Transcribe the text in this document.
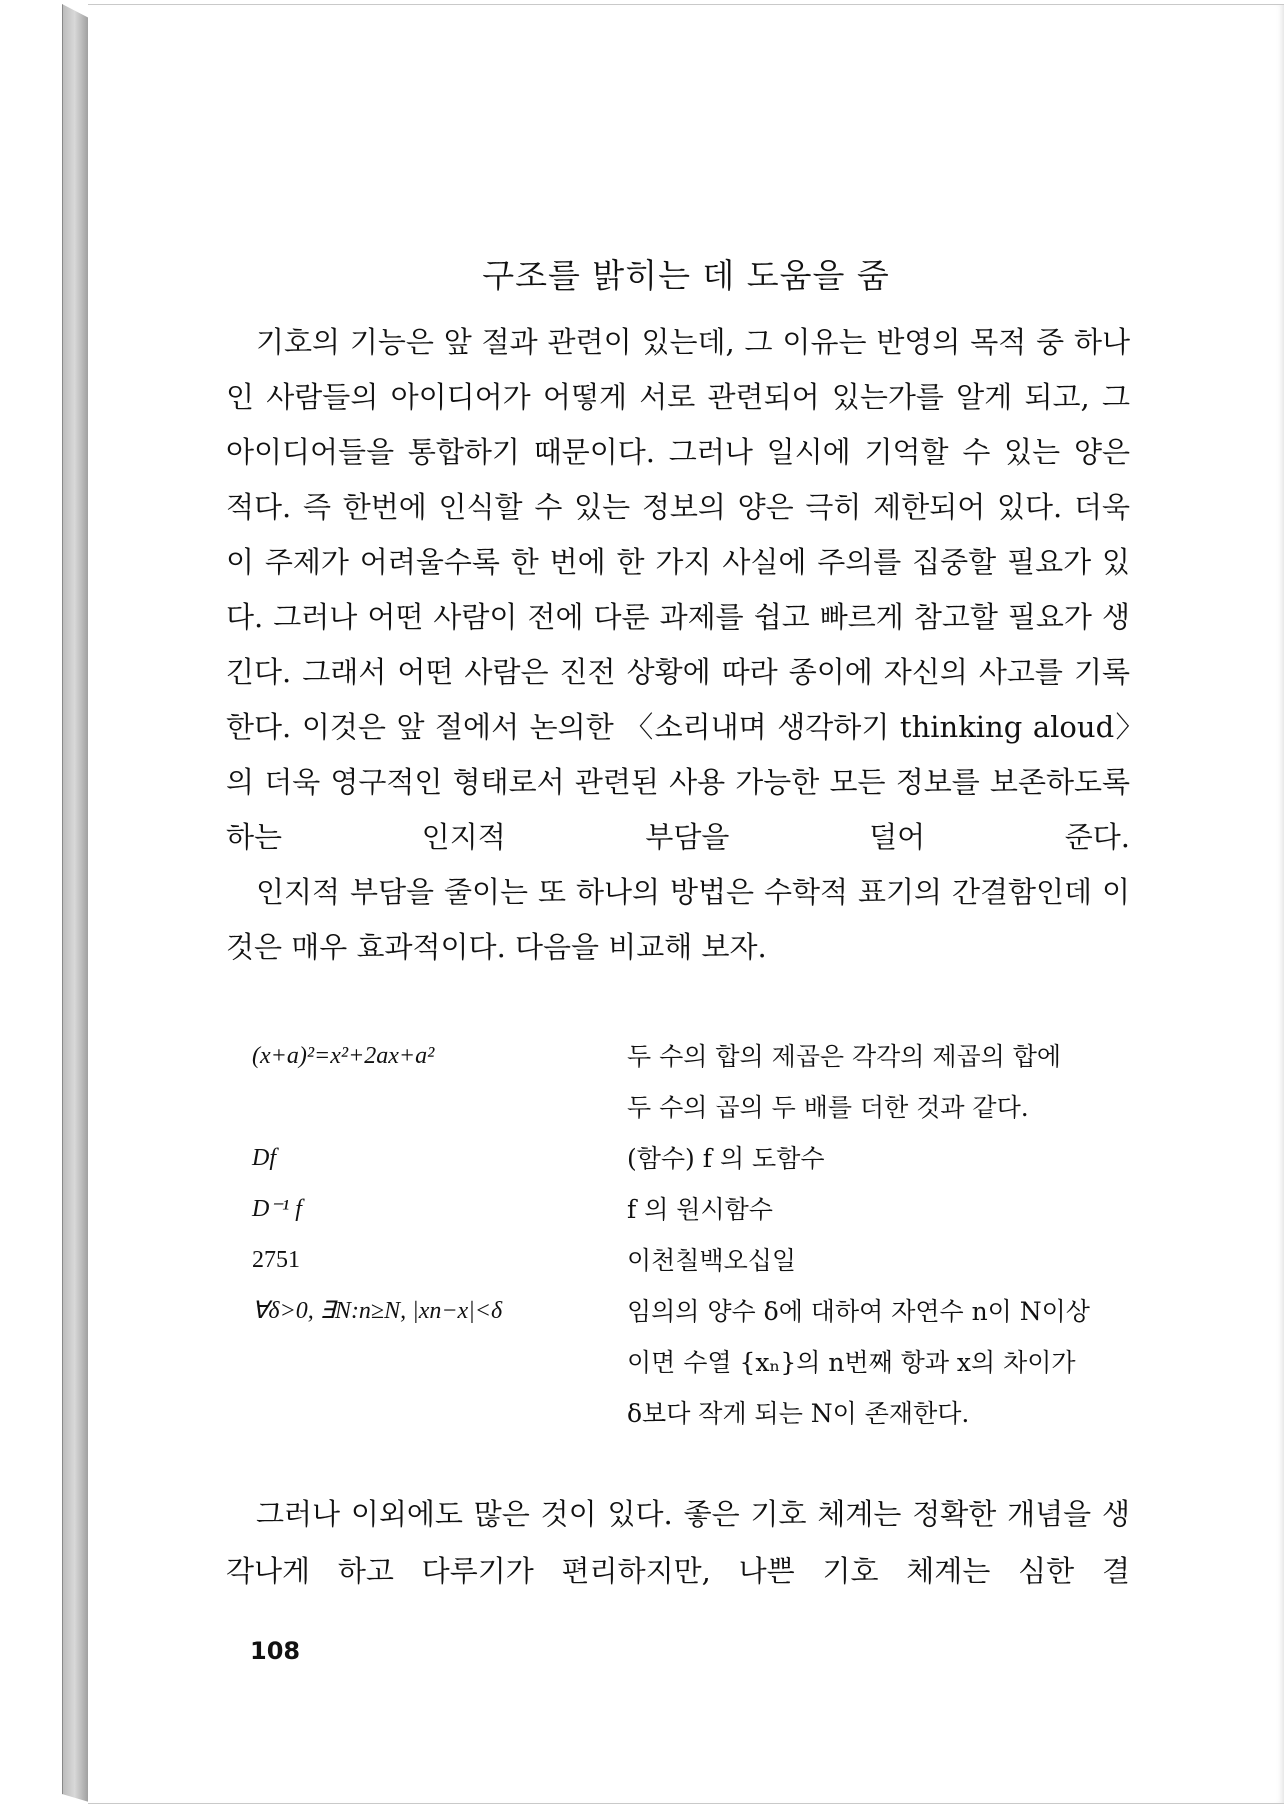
구조를 밝히는 데 도움을 줌

기호의 기능은 앞 절과 관련이 있는데, 그 이유는 반영의 목적 중 하나인 사람들의 아이디어가 어떻게 서로 관련되어 있는가를 알게 되고, 그 아이디어들을 통합하기 때문이다. 그러나 일시에 기억할 수 있는 양은 적다. 즉 한번에 인식할 수 있는 정보의 양은 극히 제한되어 있다. 더욱이 주제가 어려울수록 한 번에 한 가지 사실에 주의를 집중할 필요가 있다. 그러나 어떤 사람이 전에 다룬 과제를 쉽고 빠르게 참고할 필요가 생긴다. 그래서 어떤 사람은 진전 상황에 따라 종이에 자신의 사고를 기록한다. 이것은 앞 절에서 논의한 〈소리내며 생각하기 thinking aloud〉의 더욱 영구적인 형태로서 관련된 사용 가능한 모든 정보를 보존하도록 하는 인지적 부담을 덜어 준다.

인지적 부담을 줄이는 또 하나의 방법은 수학적 표기의 간결함인데 이것은 매우 효과적이다. 다음을 비교해 보자.

(x+a)²=x²+2ax+a²	두 수의 합의 제곱은 각각의 제곱의 합에
두 수의 곱의 두 배를 더한 것과 같다.
Df	(함수) f 의 도함수
D⁻¹ f	f 의 원시함수
2751	이천칠백오십일
∀δ>0, ∃N:n≥N, |xn−x|<δ	임의의 양수 δ에 대하여 자연수 n이 N이상
이면 수열 {xₙ}의 n번째 항과 x의 차이가
δ보다 작게 되는 N이 존재한다.

그러나 이외에도 많은 것이 있다. 좋은 기호 체계는 정확한 개념을 생각나게 하고 다루기가 편리하지만, 나쁜 기호 체계는 심한 결

108
